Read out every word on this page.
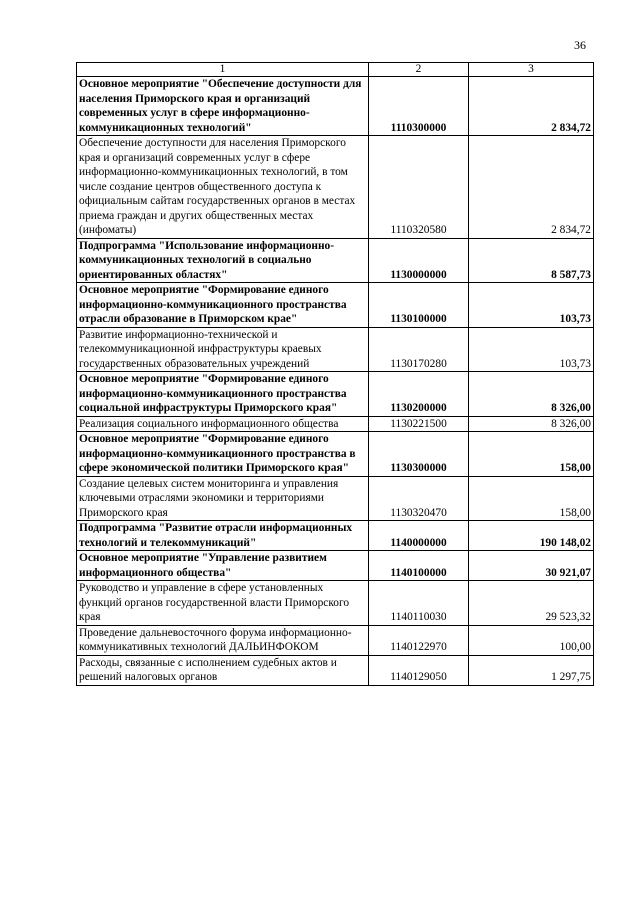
36
1	2	3
Основное мероприятие "Обеспечение доступности для населения Приморского края и организаций современных услуг в сфере информационно-коммуникационных технологий"	1110300000	2 834,72
Обеспечение доступности для населения Приморского края и организаций современных услуг в сфере информационно-коммуникационных технологий, в том числе создание центров общественного доступа к официальным сайтам государственных органов в местах приема граждан и других общественных местах (инфоматы)	1110320580	2 834,72
Подпрограмма "Использование информационно-коммуникационных технологий в социально ориентированных областях"	1130000000	8 587,73
Основное мероприятие "Формирование единого информационно-коммуникационного пространства отрасли образование в Приморском крае"	1130100000	103,73
Развитие информационно-технической и телекоммуникационной инфраструктуры краевых государственных образовательных учреждений	1130170280	103,73
Основное мероприятие "Формирование единого информационно-коммуникационного пространства социальной инфраструктуры Приморского края"	1130200000	8 326,00
Реализация социального информационного общества	1130221500	8 326,00
Основное мероприятие "Формирование единого информационно-коммуникационного пространства в сфере экономической политики Приморского края"	1130300000	158,00
Создание целевых систем мониторинга и управления ключевыми отраслями экономики и территориями Приморского края	1130320470	158,00
Подпрограмма "Развитие отрасли информационных технологий и телекоммуникаций"	1140000000	190 148,02
Основное мероприятие "Управление развитием информационного общества"	1140100000	30 921,07
Руководство и управление в сфере установленных функций органов государственной власти Приморского края	1140110030	29 523,32
Проведение дальневосточного форума информационно-коммуникативных технологий ДАЛЬИНФОКОМ	1140122970	100,00
Расходы, связанные с исполнением судебных актов и решений налоговых органов	1140129050	1 297,75
